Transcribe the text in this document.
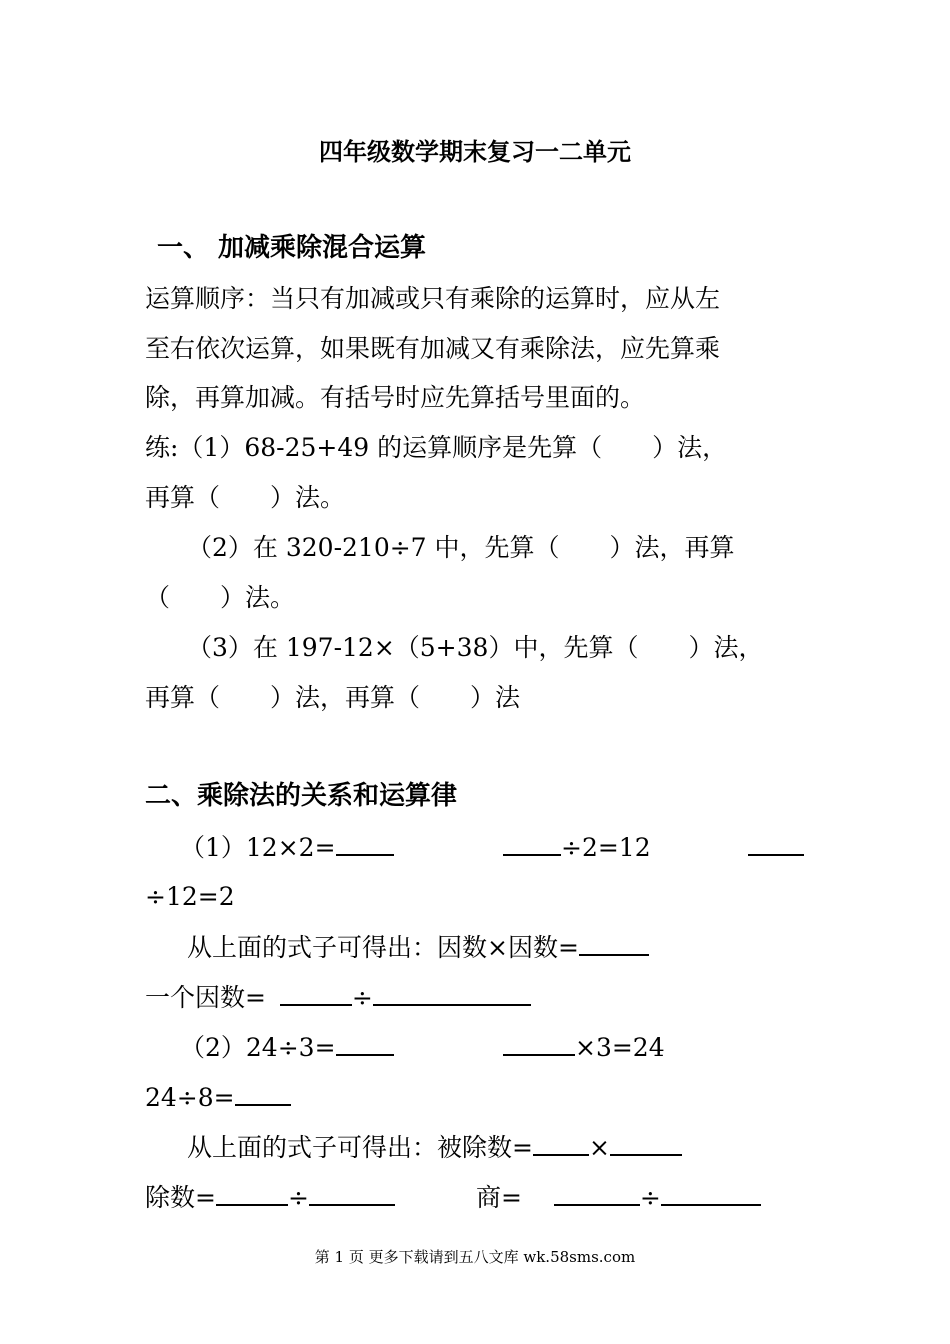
四年级数学期末复习一二单元
一、 加减乘除混合运算
运算顺序：当只有加减或只有乘除的运算时，应从左
至右依次运算，如果既有加减又有乘除法，应先算乘
除，再算加减。有括号时应先算括号里面的。
练:（1）68-25+49 的运算顺序是先算（　　）法，
再算（　　）法。
（2）在 320-210÷7 中，先算（　　）法，再算
（　　）法。
（3）在 197-12×（5+38）中，先算（　　）法，
再算（　　）法，再算（　　）法
二、乘除法的关系和运算律
（1）12×2=	÷2=12
÷12=2
从上面的式子可得出：因数×因数=
一个因数=	÷
（2）24÷3=	×3=24
24÷8=
从上面的式子可得出：被除数= ×
除数=	÷	商=	÷
第 1 页 更多下载请到五八文库 wk.58sms.com
